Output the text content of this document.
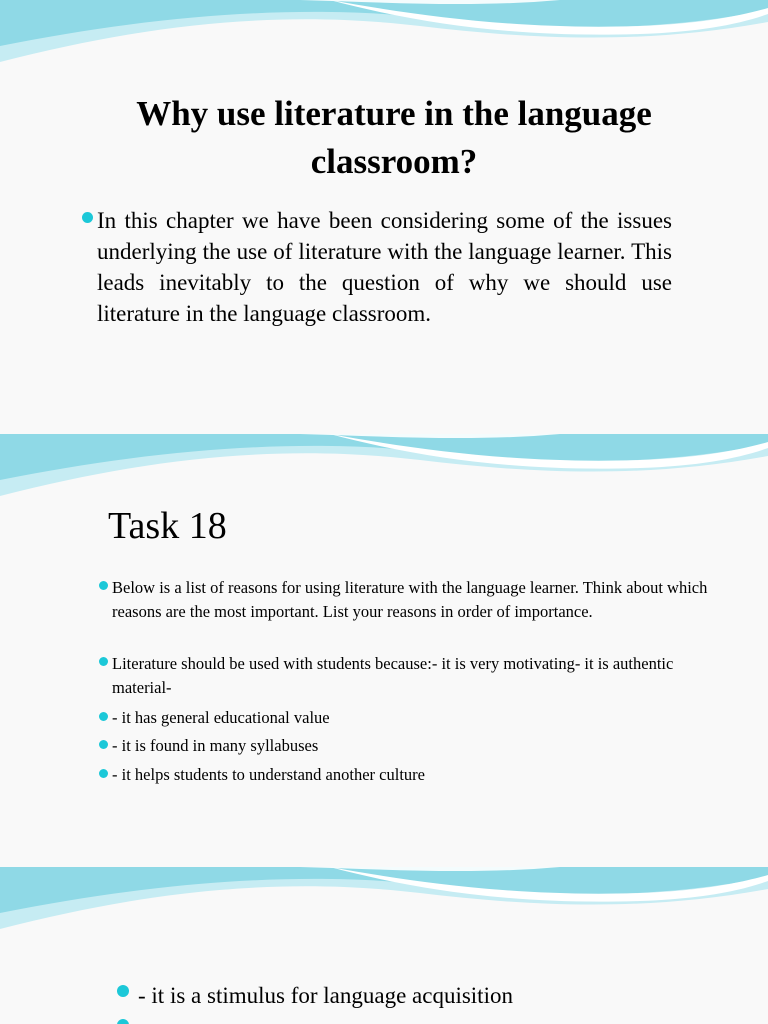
Why use literature in the language classroom?
In this chapter we have been considering some of the issues underlying the use of literature with the language learner. This leads inevitably to the question of why we should use literature in the language classroom.
Task 18
Below is a list of reasons for using literature with the language learner. Think about which reasons are the most important. List your reasons in order of importance.
Literature should be used with students because:- it is very motivating- it is authentic material-
- it has general educational value
- it is found in many syllabuses
- it helps students to understand another culture
- it is a stimulus for language acquisition
